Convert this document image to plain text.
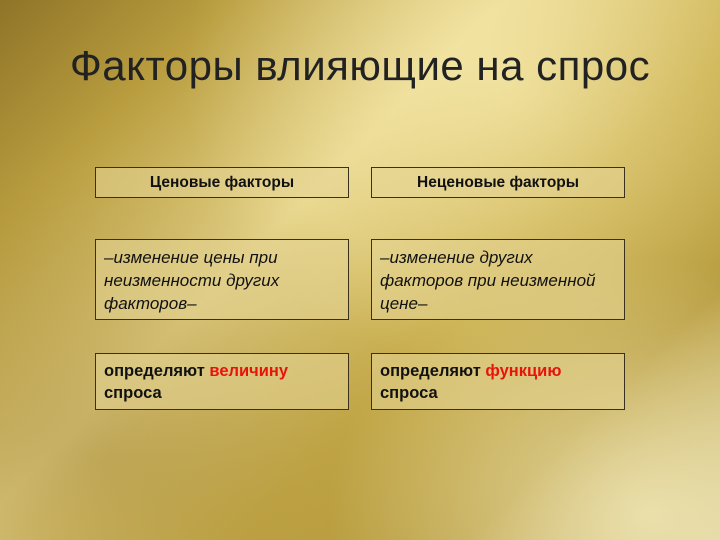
Факторы влияющие на спрос
Ценовые факторы	Неценовые факторы
–изменение цены при неизменности других факторов–
–изменение других факторов при неизменной цене–
определяют величину спроса
определяют функцию спроса
